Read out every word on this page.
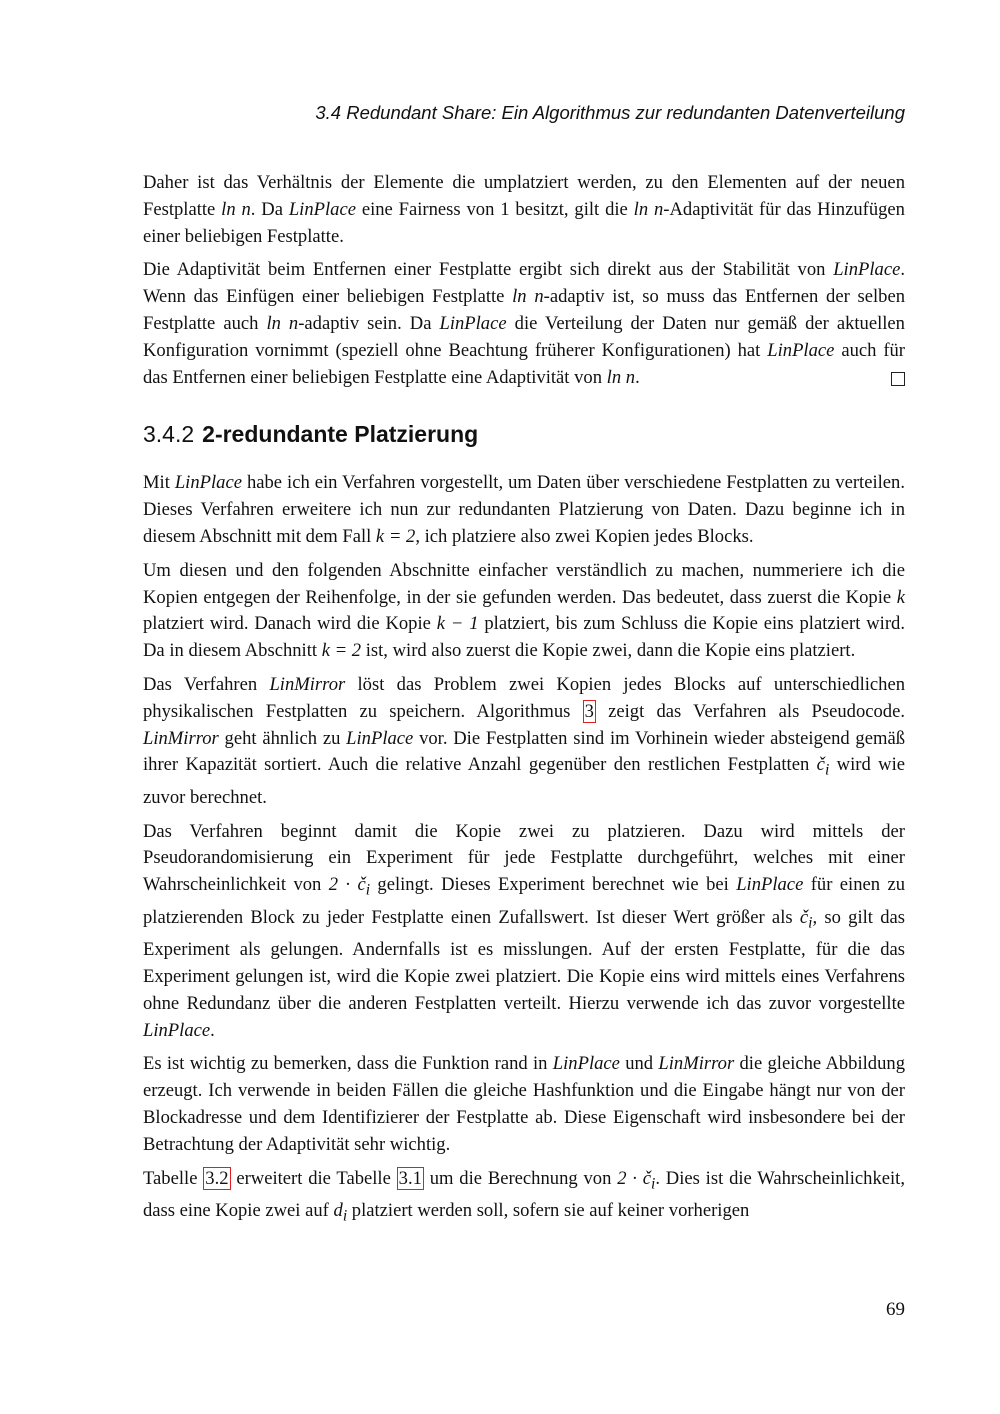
3.4 Redundant Share: Ein Algorithmus zur redundanten Datenverteilung

Daher ist das Verhältnis der Elemente die umplatziert werden, zu den Elementen auf der neuen Festplatte ln n. Da LinPlace eine Fairness von 1 besitzt, gilt die ln n-Adaptivität für das Hinzufügen einer beliebigen Festplatte.

Die Adaptivität beim Entfernen einer Festplatte ergibt sich direkt aus der Stabilität von LinPlace. Wenn das Einfügen einer beliebigen Festplatte ln n-adaptiv ist, so muss das Entfernen der selben Festplatte auch ln n-adaptiv sein. Da LinPlace die Verteilung der Daten nur gemäß der aktuellen Konfiguration vornimmt (speziell ohne Beachtung früherer Konfigurationen) hat LinPlace auch für das Entfernen einer beliebigen Festplatte eine Adaptivität von ln n.

3.4.2 2-redundante Platzierung

Mit LinPlace habe ich ein Verfahren vorgestellt, um Daten über verschiedene Festplatten zu verteilen. Dieses Verfahren erweitere ich nun zur redundanten Platzierung von Daten. Dazu beginne ich in diesem Abschnitt mit dem Fall k = 2, ich platziere also zwei Kopien jedes Blocks.

Um diesen und den folgenden Abschnitte einfacher verständlich zu machen, nummeriere ich die Kopien entgegen der Reihenfolge, in der sie gefunden werden. Das bedeutet, dass zuerst die Kopie k platziert wird. Danach wird die Kopie k − 1 platziert, bis zum Schluss die Kopie eins platziert wird. Da in diesem Abschnitt k = 2 ist, wird also zuerst die Kopie zwei, dann die Kopie eins platziert.

Das Verfahren LinMirror löst das Problem zwei Kopien jedes Blocks auf unterschiedlichen physikalischen Festplatten zu speichern. Algorithmus 3 zeigt das Verfahren als Pseudocode. LinMirror geht ähnlich zu LinPlace vor. Die Festplatten sind im Vorhinein wieder absteigend gemäß ihrer Kapazität sortiert. Auch die relative Anzahl gegenüber den restlichen Festplatten $č_i$ wird wie zuvor berechnet.

Das Verfahren beginnt damit die Kopie zwei zu platzieren. Dazu wird mittels der Pseudorandomisierung ein Experiment für jede Festplatte durchgeführt, welches mit einer Wahrscheinlichkeit von $2 \cdot č_i$ gelingt. Dieses Experiment berechnet wie bei LinPlace für einen zu platzierenden Block zu jeder Festplatte einen Zufallswert. Ist dieser Wert größer als $č_i$, so gilt das Experiment als gelungen. Andernfalls ist es misslungen. Auf der ersten Festplatte, für die das Experiment gelungen ist, wird die Kopie zwei platziert. Die Kopie eins wird mittels eines Verfahrens ohne Redundanz über die anderen Festplatten verteilt. Hierzu verwende ich das zuvor vorgestellte LinPlace.

Es ist wichtig zu bemerken, dass die Funktion rand in LinPlace und LinMirror die gleiche Abbildung erzeugt. Ich verwende in beiden Fällen die gleiche Hashfunktion und die Eingabe hängt nur von der Blockadresse und dem Identifizierer der Festplatte ab. Diese Eigenschaft wird insbesondere bei der Betrachtung der Adaptivität sehr wichtig.

Tabelle 3.2 erweitert die Tabelle 3.1 um die Berechnung von $2 \cdot č_i$. Dies ist die Wahrscheinlichkeit, dass eine Kopie zwei auf $d_i$ platziert werden soll, sofern sie auf keiner vorherigen

69
